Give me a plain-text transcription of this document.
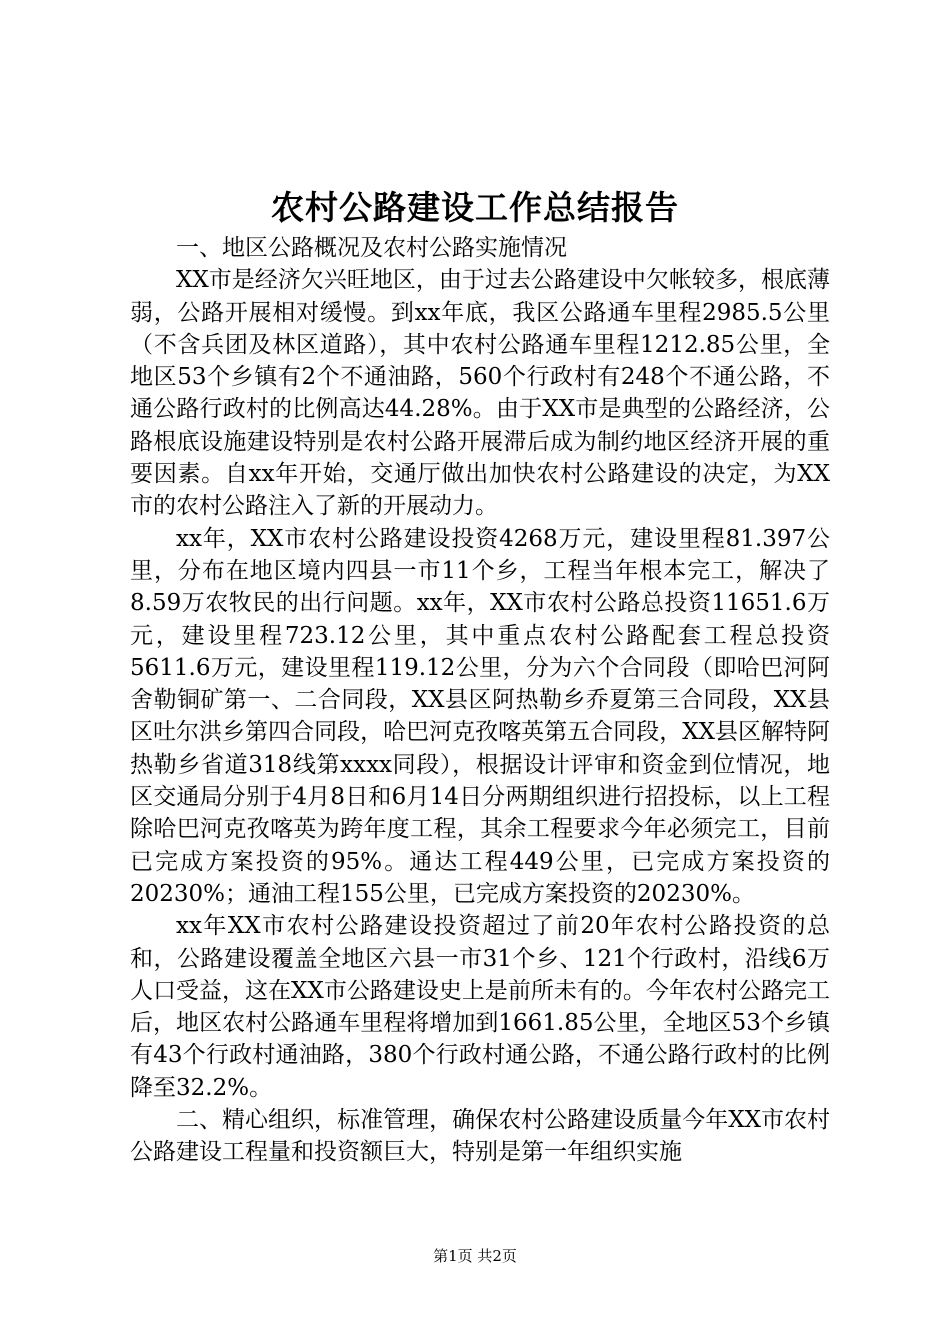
农村公路建设工作总结报告

一、地区公路概况及农村公路实施情况

XX市是经济欠兴旺地区，由于过去公路建设中欠帐较多，根底薄弱，公路开展相对缓慢。到xx年底，我区公路通车里程2985.5公里（不含兵团及林区道路），其中农村公路通车里程1212.85公里，全地区53个乡镇有2个不通油路，560个行政村有248个不通公路，不通公路行政村的比例高达44.28%。由于XX市是典型的公路经济，公路根底设施建设特别是农村公路开展滞后成为制约地区经济开展的重要因素。自xx年开始，交通厅做出加快农村公路建设的决定，为XX市的农村公路注入了新的开展动力。

xx年，XX市农村公路建设投资4268万元，建设里程81.397公里，分布在地区境内四县一市11个乡，工程当年根本完工，解决了8.59万农牧民的出行问题。xx年，XX市农村公路总投资11651.6万元，建设里程723.12公里，其中重点农村公路配套工程总投资5611.6万元，建设里程119.12公里，分为六个合同段（即哈巴河阿舍勒铜矿第一、二合同段，XX县区阿热勒乡乔夏第三合同段，XX县区吐尔洪乡第四合同段，哈巴河克孜喀英第五合同段，XX县区解特阿热勒乡省道318线第xxxx同段），根据设计评审和资金到位情况，地区交通局分别于4月8日和6月14日分两期组织进行招投标，以上工程除哈巴河克孜喀英为跨年度工程，其余工程要求今年必须完工，目前已完成方案投资的95%。通达工程449公里，已完成方案投资的20230%；通油工程155公里，已完成方案投资的20230%。

xx年XX市农村公路建设投资超过了前20年农村公路投资的总和，公路建设覆盖全地区六县一市31个乡、121个行政村，沿线6万人口受益，这在XX市公路建设史上是前所未有的。今年农村公路完工后，地区农村公路通车里程将增加到1661.85公里，全地区53个乡镇有43个行政村通油路，380个行政村通公路，不通公路行政村的比例降至32.2%。

二、精心组织，标准管理，确保农村公路建设质量今年XX市农村公路建设工程量和投资额巨大，特别是第一年组织实施

第1页 共2页
